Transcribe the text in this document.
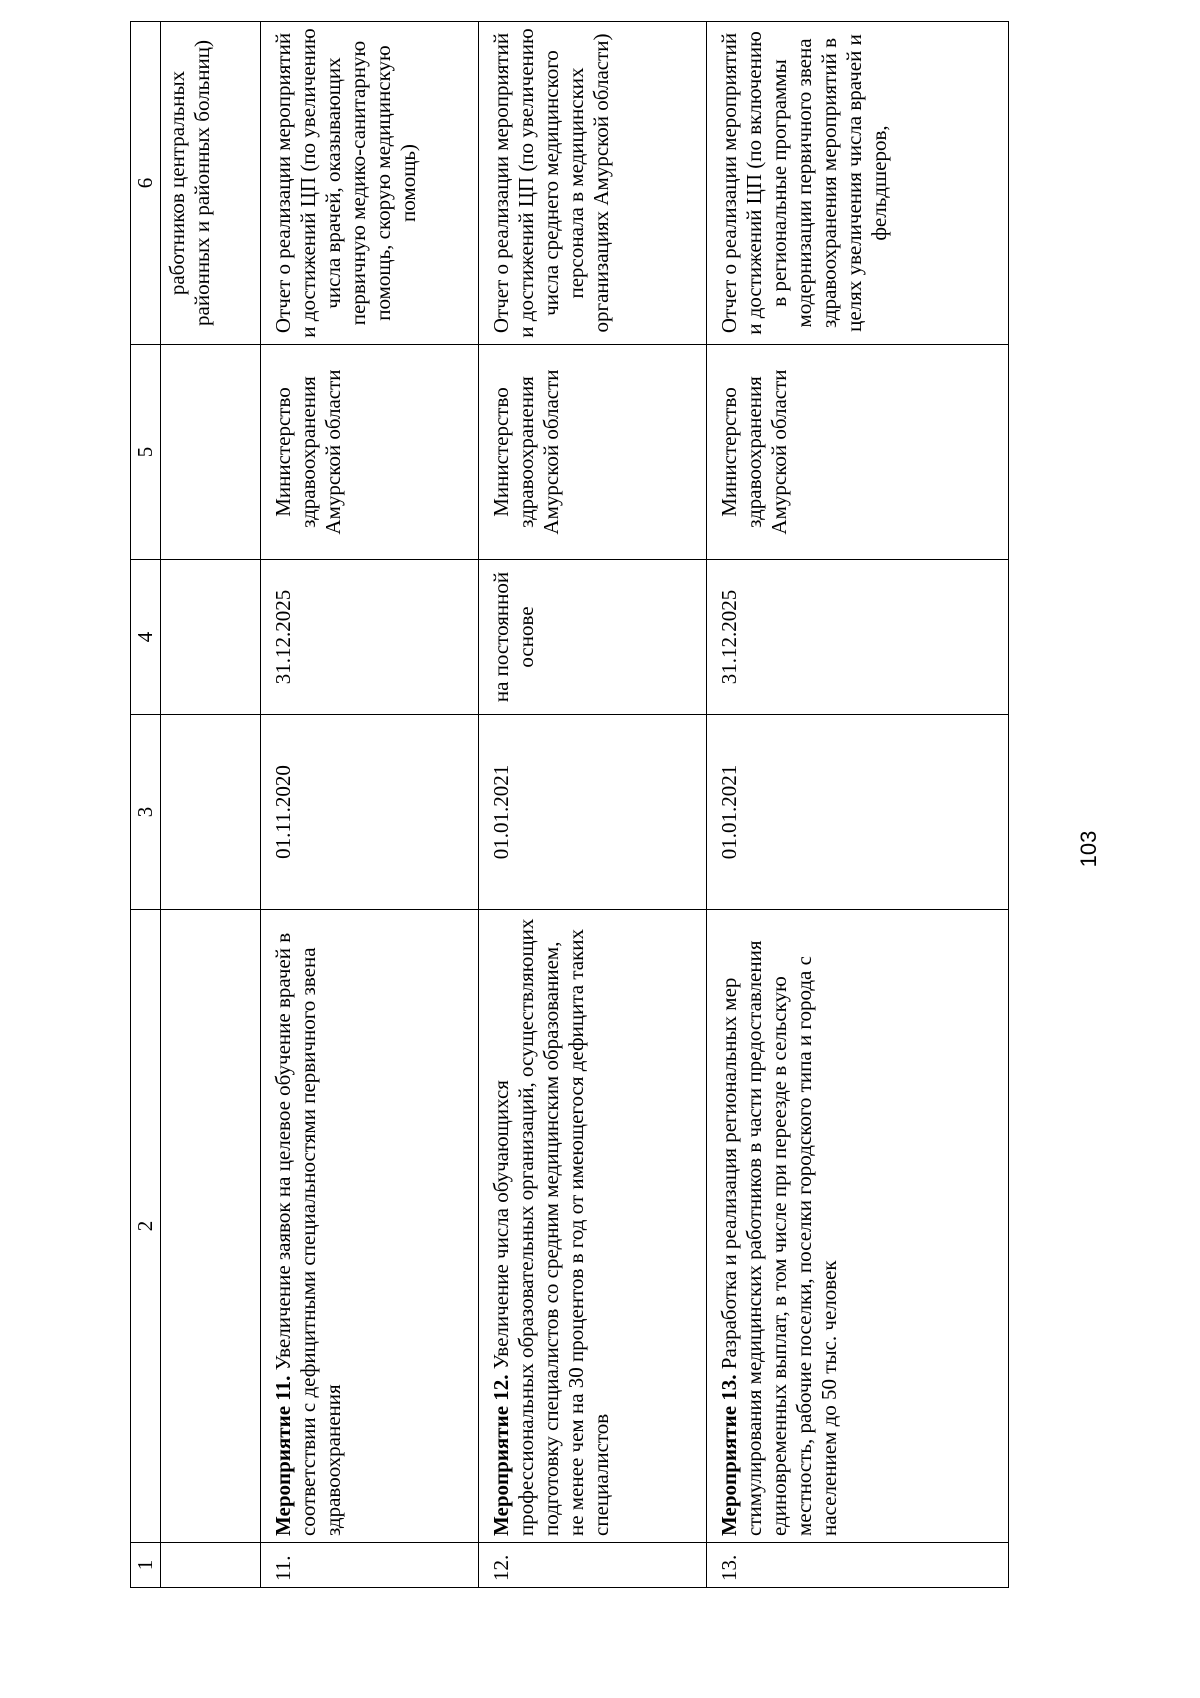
103
1	2	3	4	5	6
					работников центральных районных и районных больниц)
11.	Мероприятие 11. Увеличение заявок на целевое обучение врачей в соответствии с дефицитными специальностями первичного звена здравоохранения	01.11.2020	31.12.2025	Министерство здравоохранения Амурской области	Отчет о реализации мероприятий и достижений ЦП (по увеличению числа врачей, оказывающих первичную медико-санитарную помощь, скорую медицинскую помощь)
12.	Мероприятие 12. Увеличение числа обучающихся профессиональных образовательных организаций, осуществляющих подготовку специалистов со средним медицинским образованием, не менее чем на 30 процентов в год от имеющегося дефицита таких специалистов	01.01.2021	на постоянной основе	Министерство здравоохранения Амурской области	Отчет о реализации мероприятий и достижений ЦП (по увеличению числа среднего медицинского персонала в медицинских организациях Амурской области)
13.	Мероприятие 13. Разработка и реализация региональных мер стимулирования медицинских работников в части предоставления единовременных выплат, в том числе при переезде в сельскую местность, рабочие поселки, поселки городского типа и города с населением до 50 тыс. человек	01.01.2021	31.12.2025	Министерство здравоохранения Амурской области	Отчет о реализации мероприятий и достижений ЦП (по включению в региональные программы модернизации первичного звена здравоохранения мероприятий в целях увеличения числа врачей и фельдшеров,
